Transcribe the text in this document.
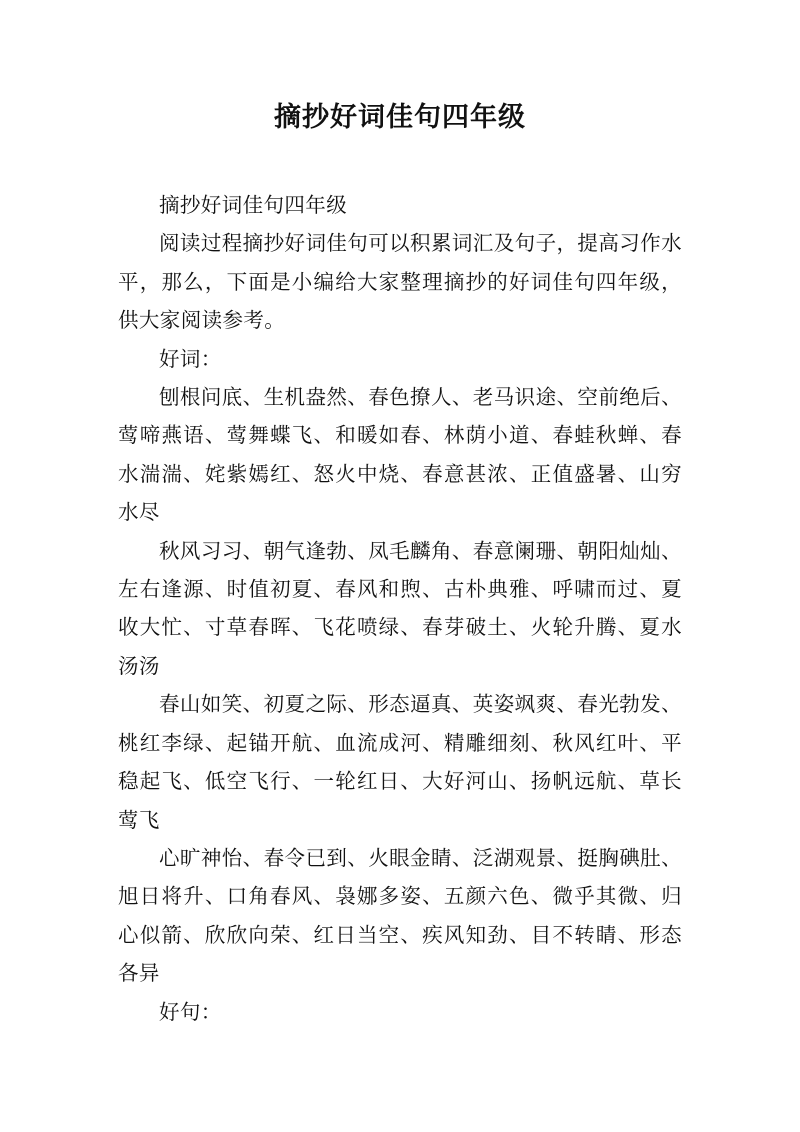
摘抄好词佳句四年级

摘抄好词佳句四年级

阅读过程摘抄好词佳句可以积累词汇及句子，提高习作水平，那么，下面是小编给大家整理摘抄的好词佳句四年级，供大家阅读参考。

好词：

刨根问底、生机盎然、春色撩人、老马识途、空前绝后、莺啼燕语、莺舞蝶飞、和暖如春、林荫小道、春蛙秋蝉、春水湍湍、姹紫嫣红、怒火中烧、春意甚浓、正值盛暑、山穷水尽

秋风习习、朝气逢勃、凤毛麟角、春意阑珊、朝阳灿灿、左右逢源、时值初夏、春风和煦、古朴典雅、呼啸而过、夏收大忙、寸草春晖、飞花喷绿、春芽破土、火轮升腾、夏水汤汤

春山如笑、初夏之际、形态逼真、英姿飒爽、春光勃发、桃红李绿、起锚开航、血流成河、精雕细刻、秋风红叶、平稳起飞、低空飞行、一轮红日、大好河山、扬帆远航、草长莺飞

心旷神怡、春令已到、火眼金睛、泛湖观景、挺胸碘肚、旭日将升、口角春风、袅娜多姿、五颜六色、微乎其微、归心似箭、欣欣向荣、红日当空、疾风知劲、目不转睛、形态各异

好句：
